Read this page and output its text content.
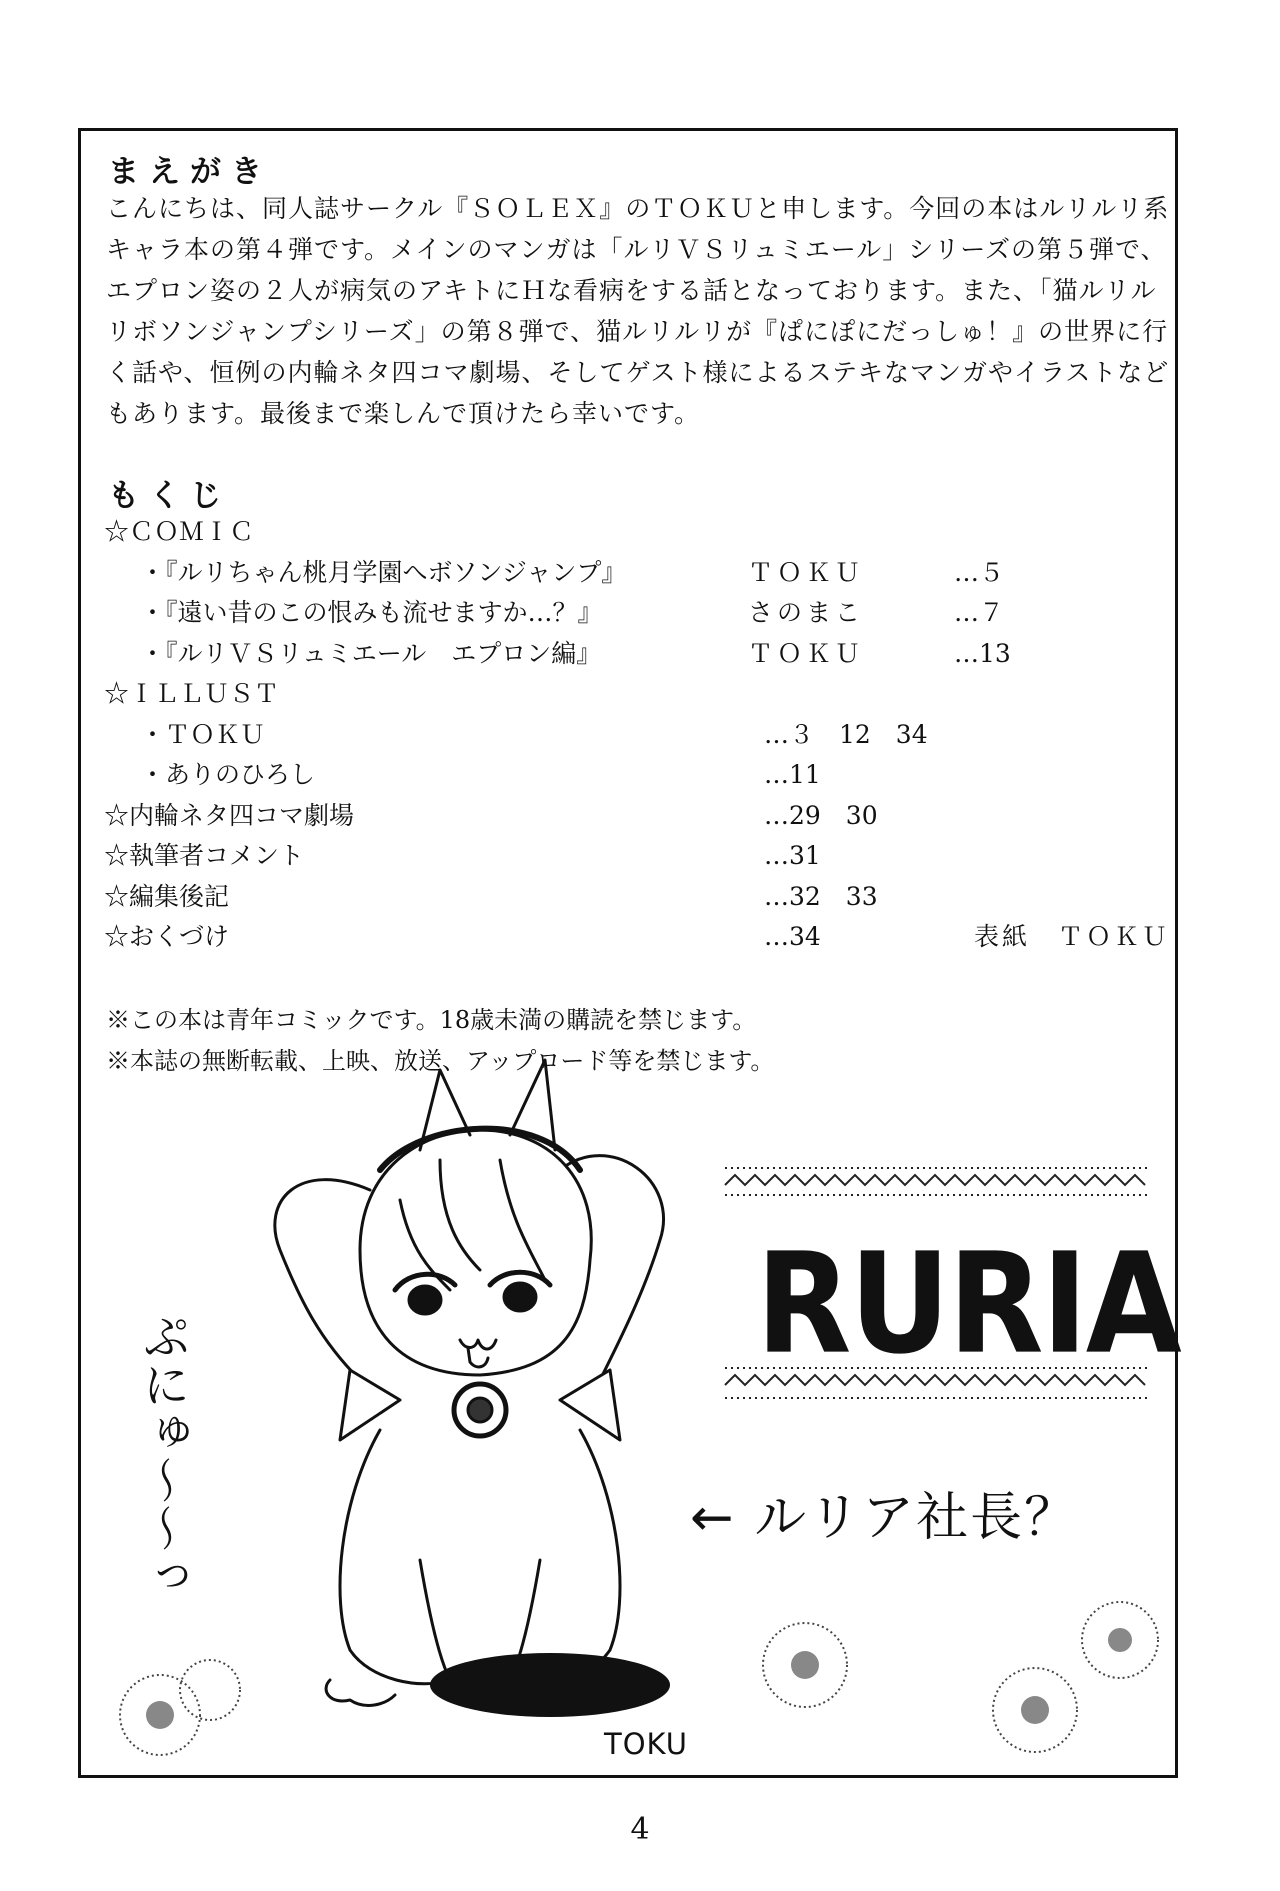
まえがき
こんにちは、同人誌サークル『ＳＯＬＥＸ』のＴＯＫＵと申します。今回の本はルリルリ系
キャラ本の第４弾です。メインのマンガは「ルリＶＳリュミエール」シリーズの第５弾で、
エプロン姿の２人が病気のアキトにＨな看病をする話となっております。また、「猫ルリル
リボソンジャンプシリーズ」の第８弾で、猫ルリルリが『ぱにぽにだっしゅ！』の世界に行
く話や、恒例の内輪ネタ四コマ劇場、そしてゲスト様によるステキなマンガやイラストなど
もあります。最後まで楽しんで頂けたら幸いです。
もくじ
☆ＣＯＭＩＣ
・『ルリちゃん桃月学園へボソンジャンプ』	ＴＯＫＵ	…５
・『遠い昔のこの恨みも流せますか…？』	さのまこ	…７
・『ルリＶＳリュミエール　エプロン編』	ＴＯＫＵ	…13
☆ＩＬＬＵＳＴ
・ＴＯＫＵ	…３　12　34
・ありのひろし	…11
☆内輪ネタ四コマ劇場	…29　30
☆執筆者コメント	…31
☆編集後記	…32　33
☆おくづけ	…34	表紙　ＴＯＫＵ
※この本は青年コミックです。18歳未満の購読を禁じます。
※本誌の無断転載、上映、放送、アップロード等を禁じます。
RURIA
← ルリア社長？
ぷにゅ〜〜っ
TOKU
4
